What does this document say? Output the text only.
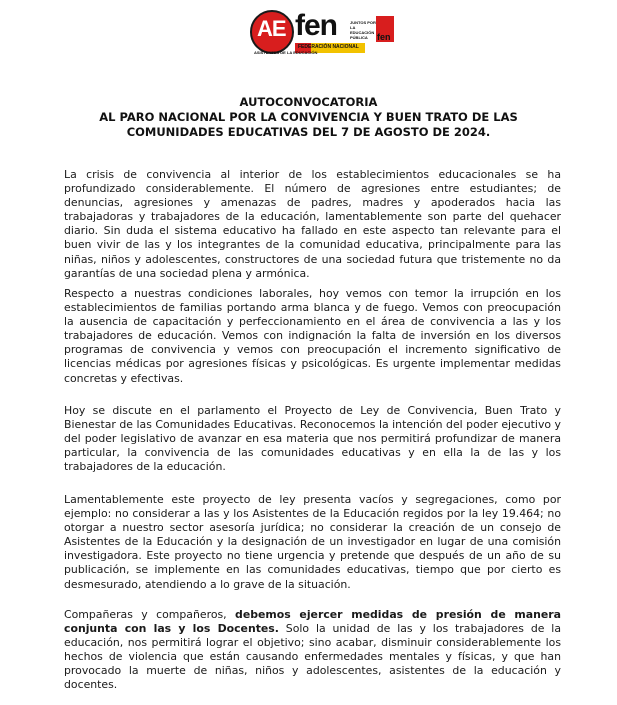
AE fen
ASISTENTES DE LA EDUCACIÓN
FEDERACIÓN NACIONAL
JUNTOS POR LA EDUCACIÓN PÚBLICA	fen
AUTOCONVOCATORIA
AL PARO NACIONAL POR LA CONVIVENCIA Y BUEN TRATO DE LAS
COMUNIDADES EDUCATIVAS DEL 7 DE AGOSTO DE 2024.

La crisis de convivencia al interior de los establecimientos educacionales se ha profundizado considerablemente. El número de agresiones entre estudiantes; de denuncias, agresiones y amenazas de padres, madres y apoderados hacia las trabajadoras y trabajadores de la educación, lamentablemente son parte del quehacer diario. Sin duda el sistema educativo ha fallado en este aspecto tan relevante para el buen vivir de las y los integrantes de la comunidad educativa, principalmente para las niñas, niños y adolescentes, constructores de una sociedad futura que tristemente no da garantías de una sociedad plena y armónica.

Respecto a nuestras condiciones laborales, hoy vemos con temor la irrupción en los establecimientos de familias portando arma blanca y de fuego. Vemos con preocupación la ausencia de capacitación y perfeccionamiento en el área de convivencia a las y los trabajadores de educación. Vemos con indignación la falta de inversión en los diversos programas de convivencia y vemos con preocupación el incremento significativo de licencias médicas por agresiones físicas y psicológicas. Es urgente implementar medidas concretas y efectivas.

Hoy se discute en el parlamento el Proyecto de Ley de Convivencia, Buen Trato y Bienestar de las Comunidades Educativas. Reconocemos la intención del poder ejecutivo y del poder legislativo de avanzar en esa materia que nos permitirá profundizar de manera particular, la convivencia de las comunidades educativas y en ella la de las y los trabajadores de la educación.

Lamentablemente este proyecto de ley presenta vacíos y segregaciones, como por ejemplo: no considerar a las y los Asistentes de la Educación regidos por la ley 19.464; no otorgar a nuestro sector asesoría jurídica; no considerar la creación de un consejo de Asistentes de la Educación y la designación de un investigador en lugar de una comisión investigadora. Este proyecto no tiene urgencia y pretende que después de un año de su publicación, se implemente en las comunidades educativas, tiempo que por cierto es desmesurado, atendiendo a lo grave de la situación.

Compañeras y compañeros, debemos ejercer medidas de presión de manera conjunta con las y los Docentes. Solo la unidad de las y los trabajadores de la educación, nos permitirá lograr el objetivo; sino acabar, disminuir considerablemente los hechos de violencia que están causando enfermedades mentales y físicas, y que han provocado la muerte de niñas, niños y adolescentes, asistentes de la educación y docentes.
